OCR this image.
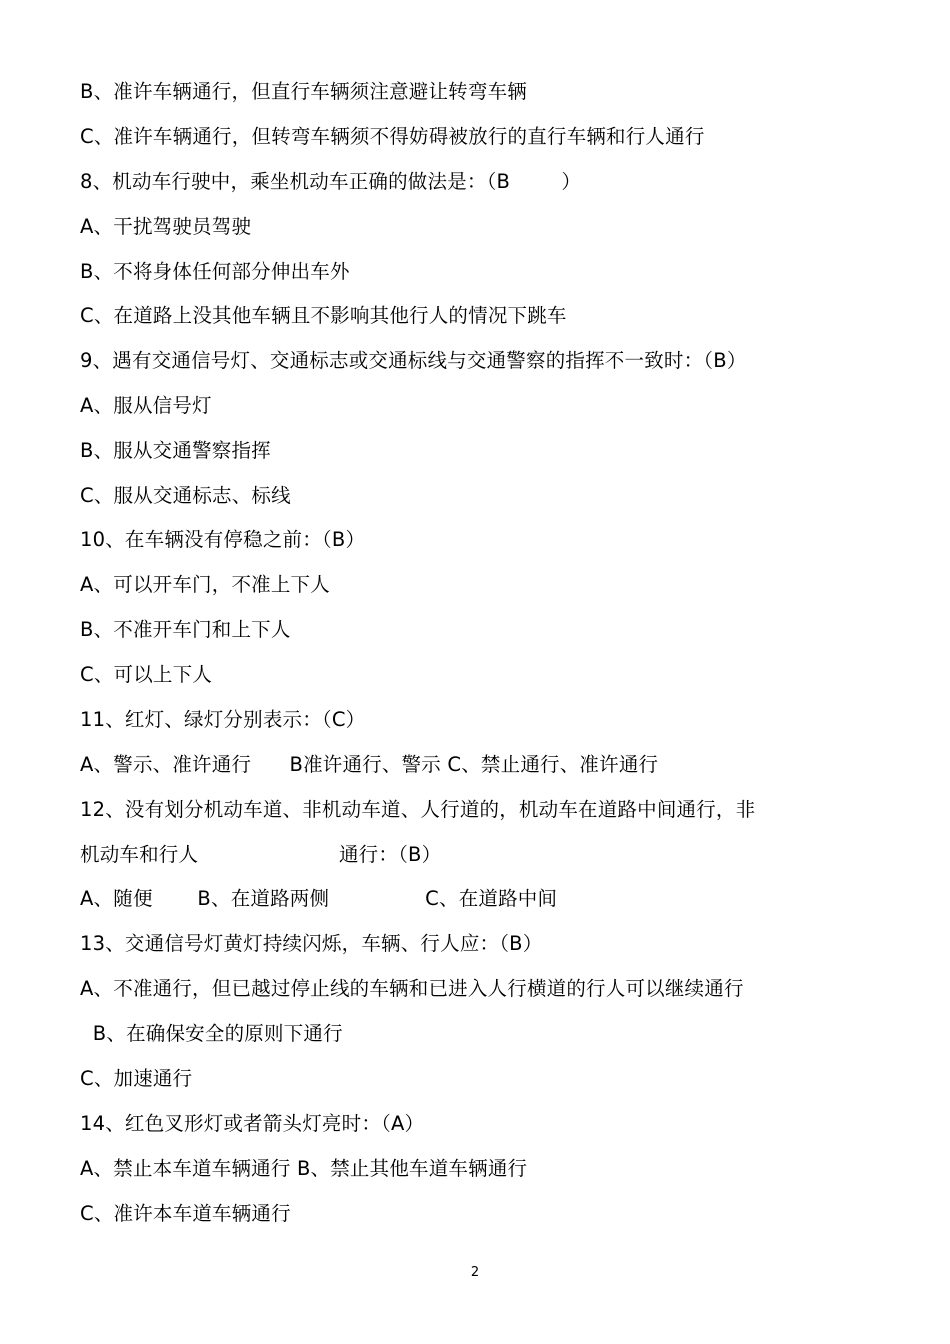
B、准许车辆通行，但直行车辆须注意避让转弯车辆
C、准许车辆通行，但转弯车辆须不得妨碍被放行的直行车辆和行人通行
8、机动车行驶中，乘坐机动车正确的做法是：（B        ）
A、干扰驾驶员驾驶
B、不将身体任何部分伸出车外
C、在道路上没其他车辆且不影响其他行人的情况下跳车
9、遇有交通信号灯、交通标志或交通标线与交通警察的指挥不一致时：（B）
A、服从信号灯
B、服从交通警察指挥
C、服从交通标志、标线
10、在车辆没有停稳之前：（B）
A、可以开车门，不准上下人
B、不准开车门和上下人
C、可以上下人
11、红灯、绿灯分别表示：（C）
A、警示、准许通行      B准许通行、警示 C、禁止通行、准许通行
12、没有划分机动车道、非机动车道、人行道的，机动车在道路中间通行，非
机动车和行人                      通行：（B）
A、随便       B、在道路两侧               C、在道路中间
13、交通信号灯黄灯持续闪烁，车辆、行人应：（B）
A、不准通行，但已越过停止线的车辆和已进入人行横道的行人可以继续通行
B、在确保安全的原则下通行
C、加速通行
14、红色叉形灯或者箭头灯亮时：（A）
A、禁止本车道车辆通行 B、禁止其他车道车辆通行
C、准许本车道车辆通行
2
